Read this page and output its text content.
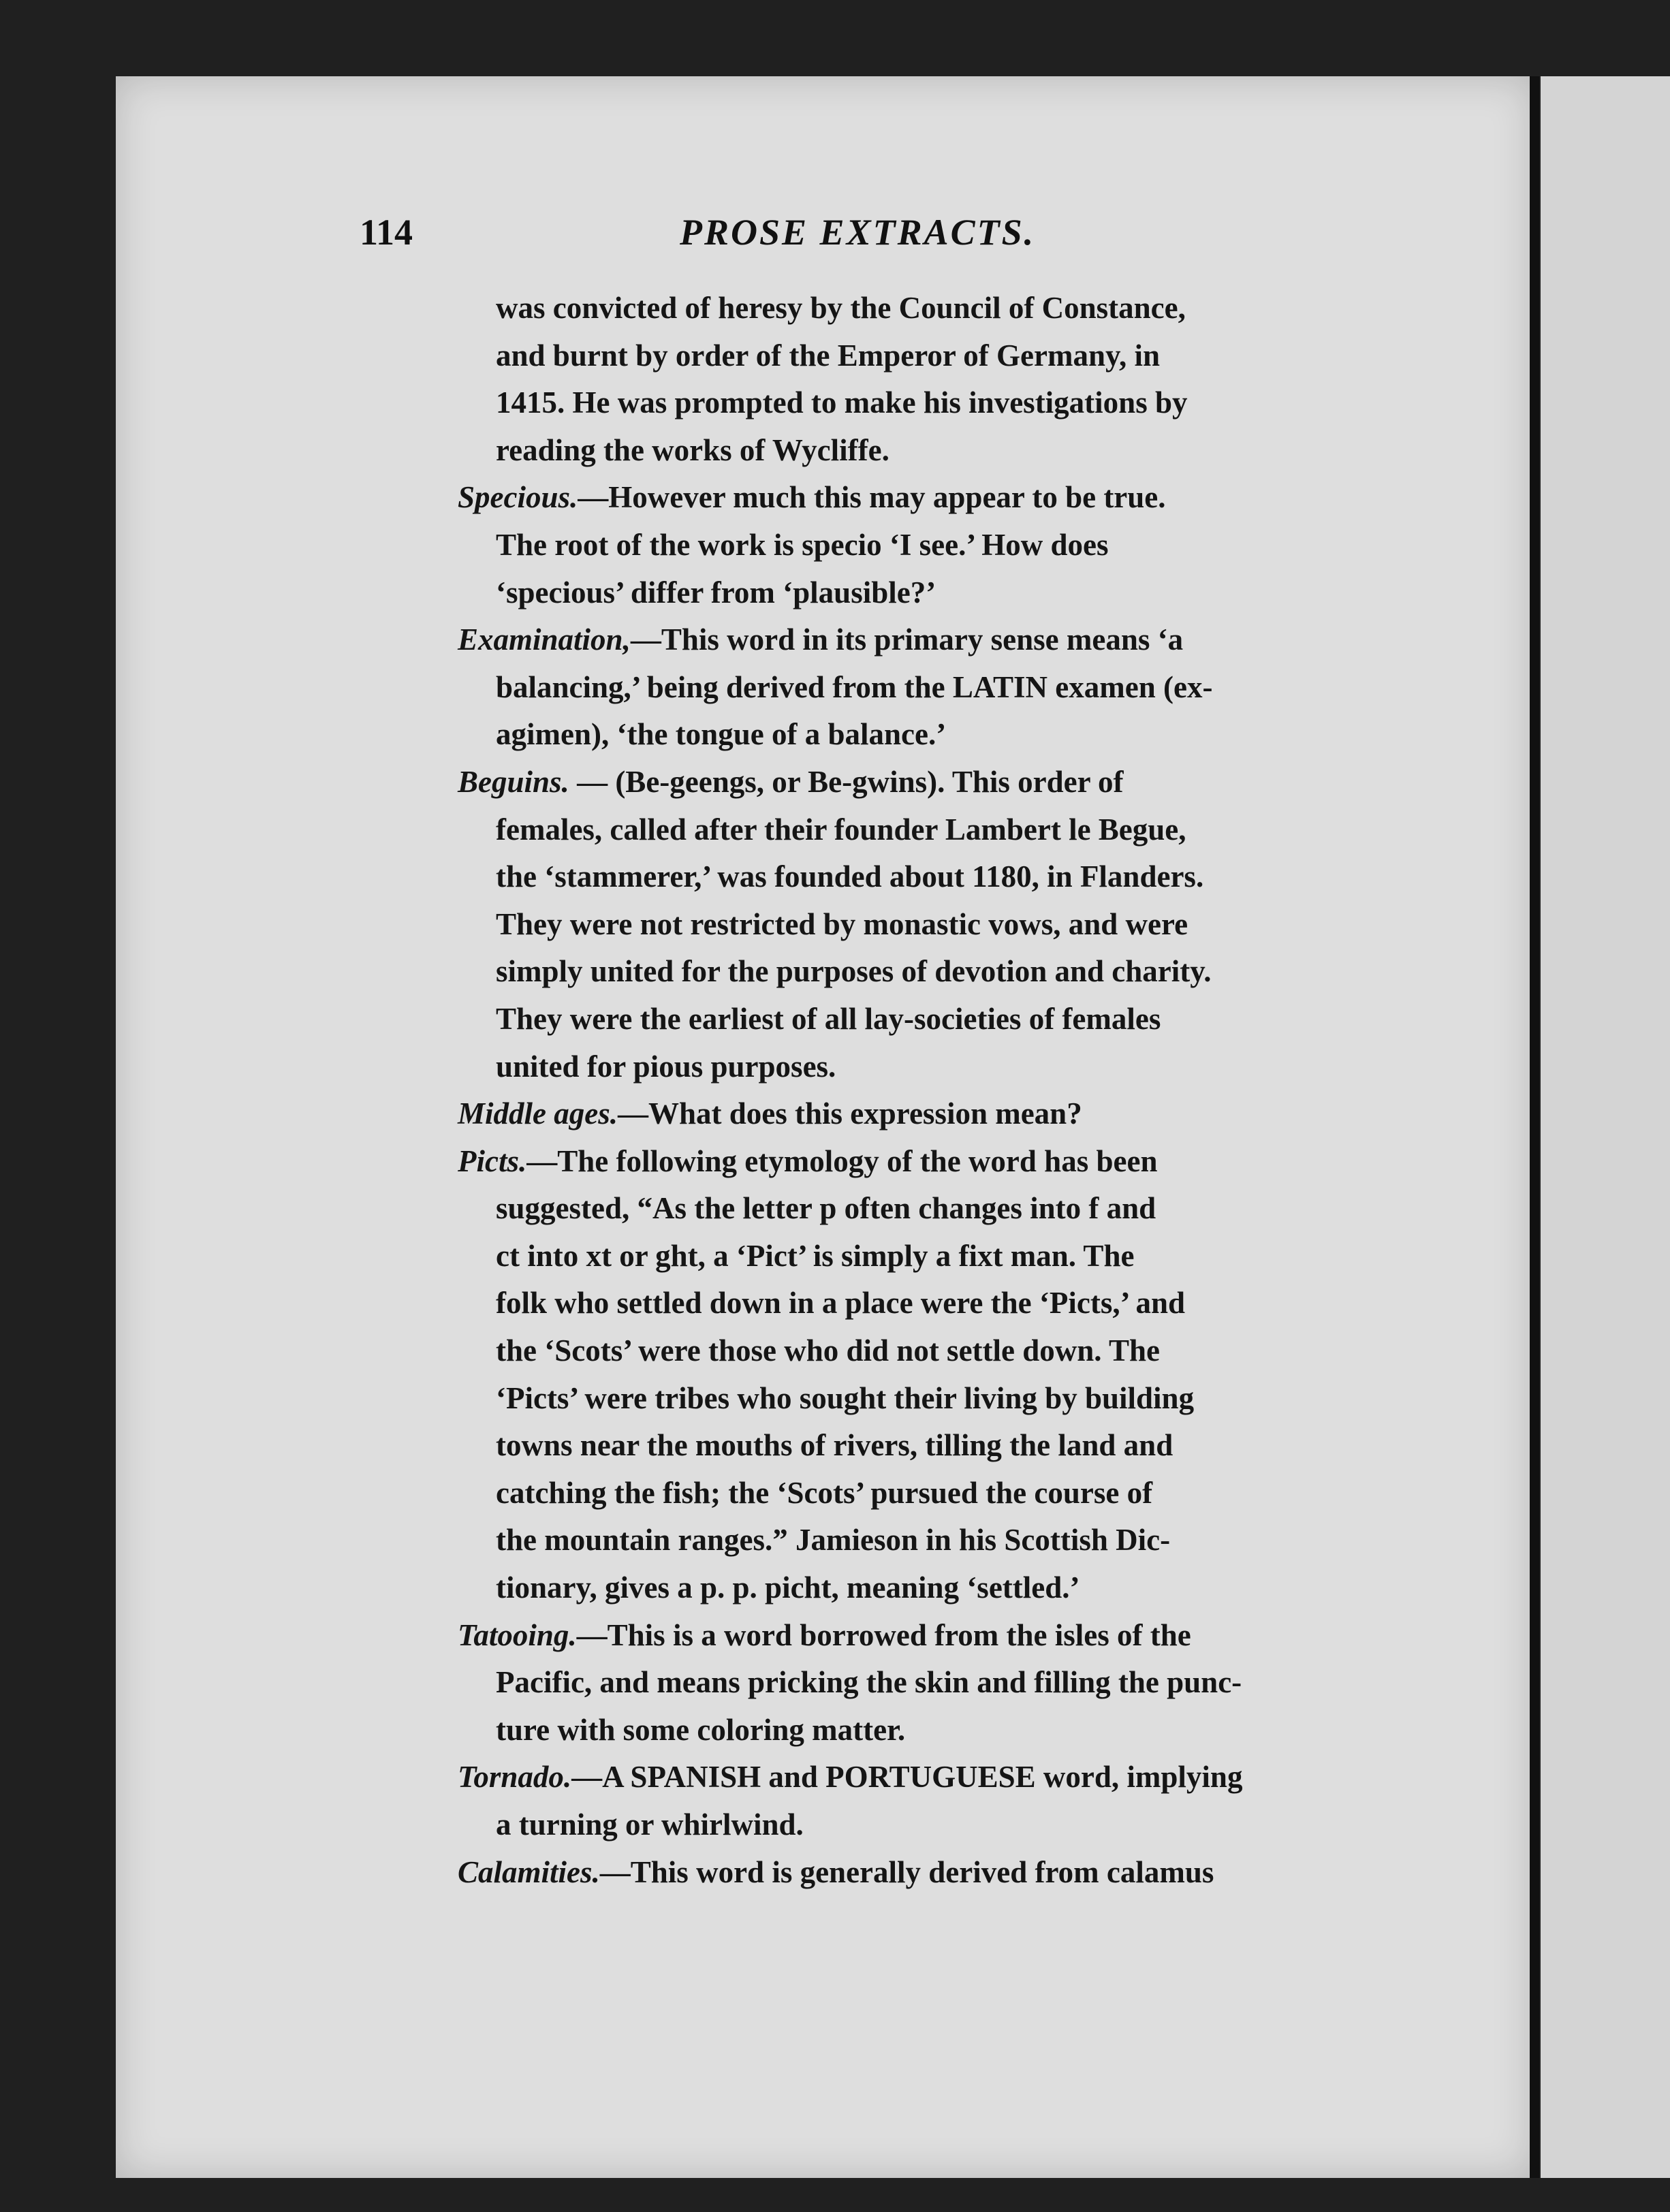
114	PROSE EXTRACTS.
was convicted of heresy by the Council of Constance,
and burnt by order of the Emperor of Germany, in
1415. He was prompted to make his investigations by
reading the works of Wycliffe.
Specious.—However much this may appear to be true.
The root of the work is specio ‘I see.’ How does
‘specious’ differ from ‘plausible?’
Examination,—This word in its primary sense means ‘a
balancing,’ being derived from the LATIN examen (ex-
agimen), ‘the tongue of a balance.’
Beguins. — (Be-geengs, or Be-gwins). This order of
females, called after their founder Lambert le Begue,
the ‘stammerer,’ was founded about 1180, in Flanders.
They were not restricted by monastic vows, and were
simply united for the purposes of devotion and charity.
They were the earliest of all lay-societies of females
united for pious purposes.
Middle ages.—What does this expression mean?
Picts.—The following etymology of the word has been
suggested, “As the letter p often changes into f and
ct into xt or ght, a ‘Pict’ is simply a fixt man. The
folk who settled down in a place were the ‘Picts,’ and
the ‘Scots’ were those who did not settle down. The
‘Picts’ were tribes who sought their living by building
towns near the mouths of rivers, tilling the land and
catching the fish; the ‘Scots’ pursued the course of
the mountain ranges.” Jamieson in his Scottish Dic-
tionary, gives a p. p. picht, meaning ‘settled.’
Tatooing.—This is a word borrowed from the isles of the
Pacific, and means pricking the skin and filling the punc-
ture with some coloring matter.
Tornado.—A SPANISH and PORTUGUESE word, implying
a turning or whirlwind.
Calamities.—This word is generally derived from calamus
